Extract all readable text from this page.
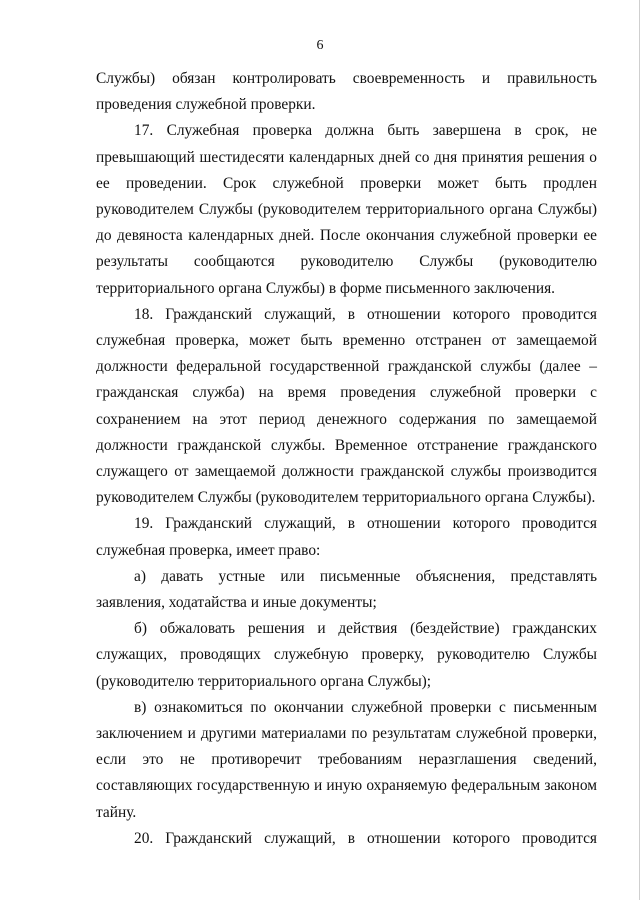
6

Службы) обязан контролировать своевременность и правильность проведения служебной проверки.

17. Служебная проверка должна быть завершена в срок, не превышающий шестидесяти календарных дней со дня принятия решения о ее проведении. Срок служебной проверки может быть продлен руководителем Службы (руководителем территориального органа Службы) до девяноста календарных дней. После окончания служебной проверки ее результаты сообщаются руководителю Службы (руководителю территориального органа Службы) в форме письменного заключения.

18. Гражданский служащий, в отношении которого проводится служебная проверка, может быть временно отстранен от замещаемой должности федеральной государственной гражданской службы (далее – гражданская служба) на время проведения служебной проверки с сохранением на этот период денежного содержания по замещаемой должности гражданской службы. Временное отстранение гражданского служащего от замещаемой должности гражданской службы производится руководителем Службы (руководителем территориального органа Службы).

19. Гражданский служащий, в отношении которого проводится служебная проверка, имеет право:

а) давать устные или письменные объяснения, представлять заявления, ходатайства и иные документы;

б) обжаловать решения и действия (бездействие) гражданских служащих, проводящих служебную проверку, руководителю Службы (руководителю территориального органа Службы);

в) ознакомиться по окончании служебной проверки с письменным заключением и другими материалами по результатам служебной проверки, если это не противоречит требованиям неразглашения сведений, составляющих государственную и иную охраняемую федеральным законом тайну.

20. Гражданский служащий, в отношении которого проводится
